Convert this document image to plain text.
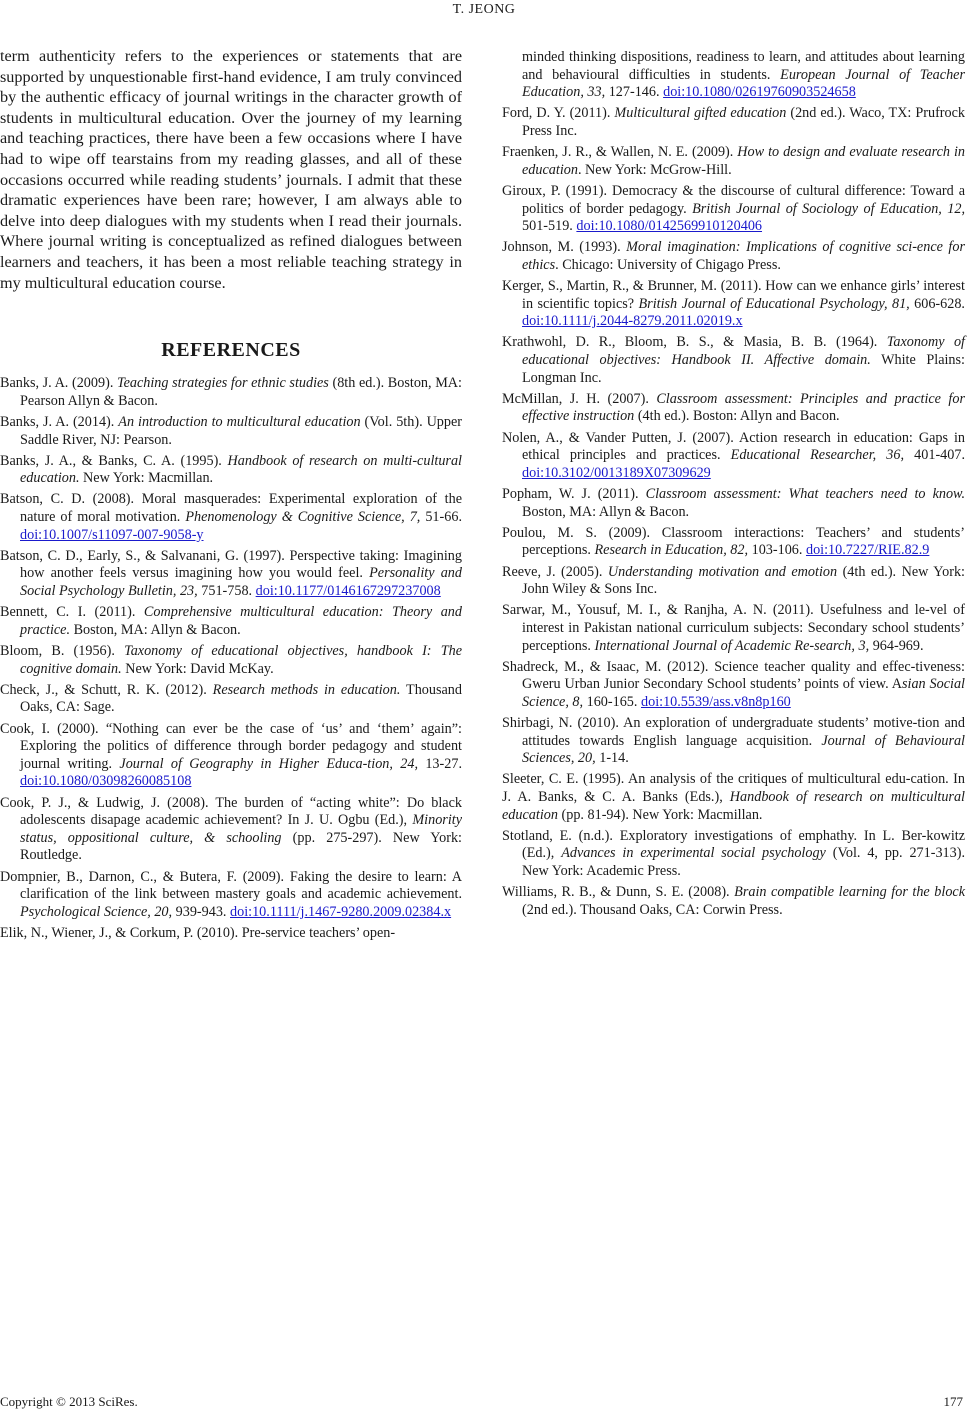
T. JEONG

term authenticity refers to the experiences or statements that are supported by unquestionable first-hand evidence, I am truly convinced by the authentic efficacy of journal writings in the character growth of students in multicultural education. Over the journey of my learning and teaching practices, there have been a few occasions where I have had to wipe off tearstains from my reading glasses, and all of these occasions occurred while reading students’ journals. I admit that these dramatic experiences have been rare; however, I am always able to delve into deep dialogues with my students when I read their journals. Where journal writing is conceptualized as refined dialogues between learners and teachers, it has been a most reliable teaching strategy in my multicultural education course.

REFERENCES

Banks, J. A. (2009). Teaching strategies for ethnic studies (8th ed.). Boston, MA: Pearson Allyn & Bacon.

Banks, J. A. (2014). An introduction to multicultural education (Vol. 5th). Upper Saddle River, NJ: Pearson.

Banks, J. A., & Banks, C. A. (1995). Handbook of research on multi-cultural education. New York: Macmillan.

Batson, C. D. (2008). Moral masquerades: Experimental exploration of the nature of moral motivation. Phenomenology & Cognitive Science, 7, 51-66. doi:10.1007/s11097-007-9058-y

Batson, C. D., Early, S., & Salvanani, G. (1997). Perspective taking: Imagining how another feels versus imagining how you would feel. Personality and Social Psychology Bulletin, 23, 751-758. doi:10.1177/0146167297237008

Bennett, C. I. (2011). Comprehensive multicultural education: Theory and practice. Boston, MA: Allyn & Bacon.

Bloom, B. (1956). Taxonomy of educational objectives, handbook I: The cognitive domain. New York: David McKay.

Check, J., & Schutt, R. K. (2012). Research methods in education. Thousand Oaks, CA: Sage.

Cook, I. (2000). “Nothing can ever be the case of ‘us’ and ‘them’ again”: Exploring the politics of difference through border pedagogy and student journal writing. Journal of Geography in Higher Educa-tion, 24, 13-27. doi:10.1080/03098260085108

Cook, P. J., & Ludwig, J. (2008). The burden of “acting white”: Do black adolescents disapage academic achievement? In J. U. Ogbu (Ed.), Minority status, oppositional culture, & schooling (pp. 275-297). New York: Routledge.

Dompnier, B., Darnon, C., & Butera, F. (2009). Faking the desire to learn: A clarification of the link between mastery goals and academic achievement. Psychological Science, 20, 939-943. doi:10.1111/j.1467-9280.2009.02384.x

Elik, N., Wiener, J., & Corkum, P. (2010). Pre-service teachers’ open-

minded thinking dispositions, readiness to learn, and attitudes about learning and behavioural difficulties in students. European Journal of Teacher Education, 33, 127-146. doi:10.1080/02619760903524658

Ford, D. Y. (2011). Multicultural gifted education (2nd ed.). Waco, TX: Prufrock Press Inc.

Fraenken, J. R., & Wallen, N. E. (2009). How to design and evaluate research in education. New York: McGrow-Hill.

Giroux, P. (1991). Democracy & the discourse of cultural difference: Toward a politics of border pedagogy. British Journal of Sociology of Education, 12, 501-519. doi:10.1080/0142569910120406

Johnson, M. (1993). Moral imagination: Implications of cognitive sci-ence for ethics. Chicago: University of Chigago Press.

Kerger, S., Martin, R., & Brunner, M. (2011). How can we enhance girls’ interest in scientific topics? British Journal of Educational Psychology, 81, 606-628. doi:10.1111/j.2044-8279.2011.02019.x

Krathwohl, D. R., Bloom, B. S., & Masia, B. B. (1964). Taxonomy of educational objectives: Handbook II. Affective domain. White Plains: Longman Inc.

McMillan, J. H. (2007). Classroom assessment: Principles and practice for effective instruction (4th ed.). Boston: Allyn and Bacon.

Nolen, A., & Vander Putten, J. (2007). Action research in education: Gaps in ethical principles and practices. Educational Researcher, 36, 401-407. doi:10.3102/0013189X07309629

Popham, W. J. (2011). Classroom assessment: What teachers need to know. Boston, MA: Allyn & Bacon.

Poulou, M. S. (2009). Classroom interactions: Teachers’ and students’ perceptions. Research in Education, 82, 103-106. doi:10.7227/RIE.82.9

Reeve, J. (2005). Understanding motivation and emotion (4th ed.). New York: John Wiley & Sons Inc.

Sarwar, M., Yousuf, M. I., & Ranjha, A. N. (2011). Usefulness and le-vel of interest in Pakistan national curriculum subjects: Secondary school students’ perceptions. International Journal of Academic Re-search, 3, 964-969.

Shadreck, M., & Isaac, M. (2012). Science teacher quality and effec-tiveness: Gweru Urban Junior Secondary School students’ points of view. Asian Social Science, 8, 160-165. doi:10.5539/ass.v8n8p160

Shirbagi, N. (2010). An exploration of undergraduate students’ motive-tion and attitudes towards English language acquisition. Journal of Behavioural Sciences, 20, 1-14.

Sleeter, C. E. (1995). An analysis of the critiques of multicultural edu-cation. In J. A. Banks, & C. A. Banks (Eds.), Handbook of research on multicultural education (pp. 81-94). New York: Macmillan.

Stotland, E. (n.d.). Exploratory investigations of emphathy. In L. Ber-kowitz (Ed.), Advances in experimental social psychology (Vol. 4, pp. 271-313). New York: Academic Press.

Williams, R. B., & Dunn, S. E. (2008). Brain compatible learning for the block (2nd ed.). Thousand Oaks, CA: Corwin Press.

Copyright © 2013 SciRes.	177
